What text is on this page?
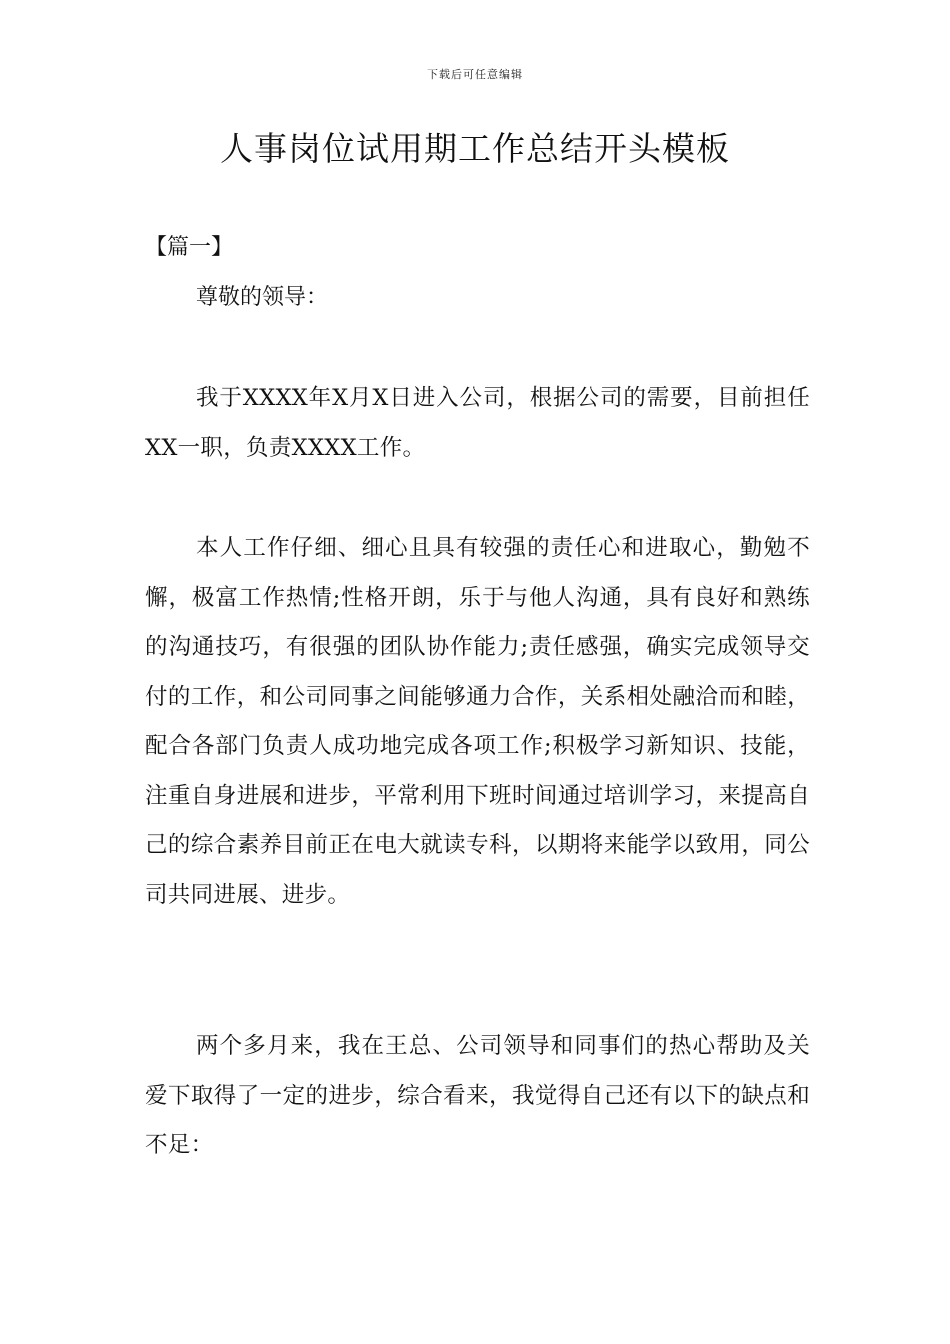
下载后可任意编辑
人事岗位试用期工作总结开头模板
【篇一】
尊敬的领导：

我于XXXX年X月X日进入公司，根据公司的需要，目前担任XX一职，负责XXXX工作。

本人工作仔细、细心且具有较强的责任心和进取心，勤勉不懈，极富工作热情;性格开朗，乐于与他人沟通，具有良好和熟练的沟通技巧，有很强的团队协作能力;责任感强，确实完成领导交付的工作，和公司同事之间能够通力合作，关系相处融洽而和睦，配合各部门负责人成功地完成各项工作;积极学习新知识、技能，注重自身进展和进步，平常利用下班时间通过培训学习，来提高自己的综合素养目前正在电大就读专科，以期将来能学以致用，同公司共同进展、进步。

两个多月来，我在王总、公司领导和同事们的热心帮助及关爱下取得了一定的进步，综合看来，我觉得自己还有以下的缺点和不足：
